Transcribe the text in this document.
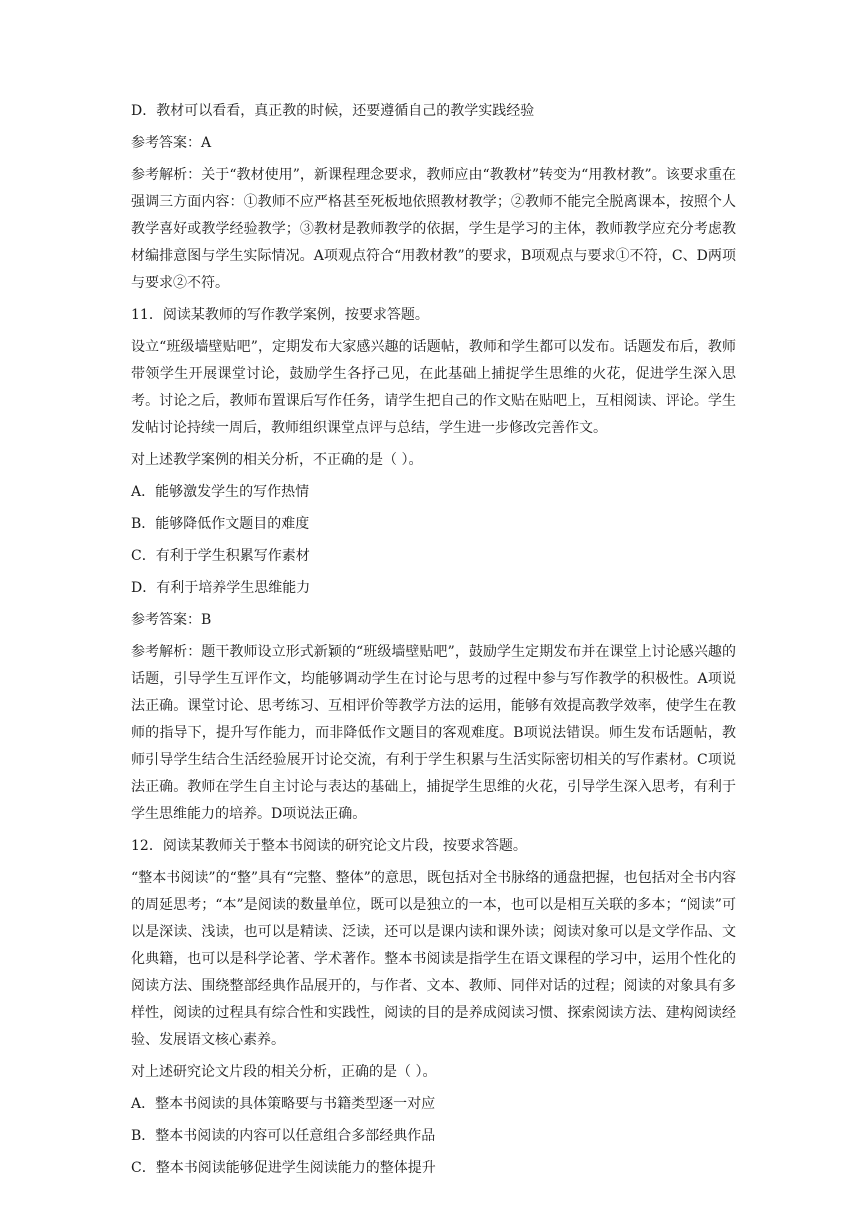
D．教材可以看看，真正教的时候，还要遵循自己的教学实践经验

参考答案：A

参考解析：关于“教材使用”，新课程理念要求，教师应由“教教材”转变为“用教材教”。该要求重在强调三方面内容：①教师不应严格甚至死板地依照教材教学；②教师不能完全脱离课本，按照个人教学喜好或教学经验教学；③教材是教师教学的依据，学生是学习的主体，教师教学应充分考虑教材编排意图与学生实际情况。A项观点符合“用教材教”的要求，B项观点与要求①不符，C、D两项与要求②不符。

11．阅读某教师的写作教学案例，按要求答题。

设立“班级墙壁贴吧”，定期发布大家感兴趣的话题帖，教师和学生都可以发布。话题发布后，教师带领学生开展课堂讨论，鼓励学生各抒己见，在此基础上捕捉学生思维的火花，促进学生深入思考。讨论之后，教师布置课后写作任务，请学生把自己的作文贴在贴吧上，互相阅读、评论。学生发帖讨论持续一周后，教师组织课堂点评与总结，学生进一步修改完善作文。

对上述教学案例的相关分析，不正确的是（ ）。

A．能够激发学生的写作热情

B．能够降低作文题目的难度

C．有利于学生积累写作素材

D．有利于培养学生思维能力

参考答案：B

参考解析：题干教师设立形式新颖的“班级墙壁贴吧”，鼓励学生定期发布并在课堂上讨论感兴趣的话题，引导学生互评作文，均能够调动学生在讨论与思考的过程中参与写作教学的积极性。A项说法正确。课堂讨论、思考练习、互相评价等教学方法的运用，能够有效提高教学效率，使学生在教师的指导下，提升写作能力，而非降低作文题目的客观难度。B项说法错误。师生发布话题帖，教师引导学生结合生活经验展开讨论交流，有利于学生积累与生活实际密切相关的写作素材。C项说法正确。教师在学生自主讨论与表达的基础上，捕捉学生思维的火花，引导学生深入思考，有利于学生思维能力的培养。D项说法正确。

12．阅读某教师关于整本书阅读的研究论文片段，按要求答题。

“整本书阅读”的“整”具有“完整、整体”的意思，既包括对全书脉络的通盘把握，也包括对全书内容的周延思考；“本”是阅读的数量单位，既可以是独立的一本，也可以是相互关联的多本；“阅读”可以是深读、浅读，也可以是精读、泛读，还可以是课内读和课外读；阅读对象可以是文学作品、文化典籍，也可以是科学论著、学术著作。整本书阅读是指学生在语文课程的学习中，运用个性化的阅读方法、围绕整部经典作品展开的，与作者、文本、教师、同伴对话的过程；阅读的对象具有多样性，阅读的过程具有综合性和实践性，阅读的目的是养成阅读习惯、探索阅读方法、建构阅读经验、发展语文核心素养。

对上述研究论文片段的相关分析，正确的是（ ）。

A．整本书阅读的具体策略要与书籍类型逐一对应

B．整本书阅读的内容可以任意组合多部经典作品

C．整本书阅读能够促进学生阅读能力的整体提升
